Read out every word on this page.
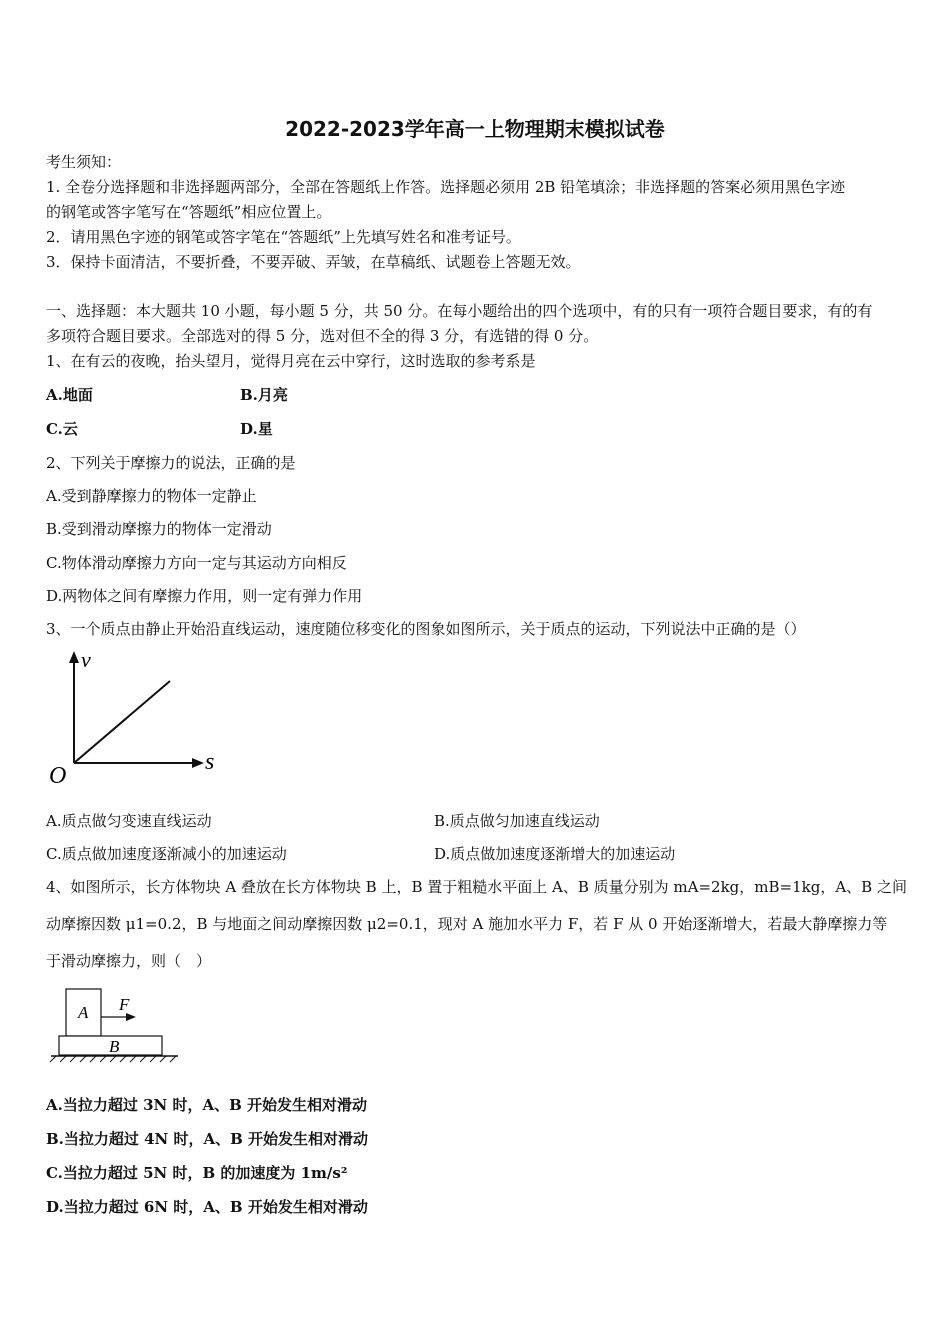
2022-2023学年高一上物理期末模拟试卷
考生须知：
1. 全卷分选择题和非选择题两部分，全部在答题纸上作答。选择题必须用 2B 铅笔填涂；非选择题的答案必须用黑色字迹
的钢笔或答字笔写在“答题纸”相应位置上。
2．请用黑色字迹的钢笔或答字笔在“答题纸”上先填写姓名和准考证号。
3．保持卡面清洁，不要折叠，不要弄破、弄皱，在草稿纸、试题卷上答题无效。
一、选择题：本大题共 10 小题，每小题 5 分，共 50 分。在每小题给出的四个选项中，有的只有一项符合题目要求，有的有
多项符合题目要求。全部选对的得 5 分，选对但不全的得 3 分，有选错的得 0 分。
1、在有云的夜晚，抬头望月，觉得月亮在云中穿行，这时选取的参考系是
A.地面	B.月亮
C.云	D.星
2、下列关于摩擦力的说法，正确的是
A.受到静摩擦力的物体一定静止
B.受到滑动摩擦力的物体一定滑动
C.物体滑动摩擦力方向一定与其运动方向相反
D.两物体之间有摩擦力作用，则一定有弹力作用
3、一个质点由静止开始沿直线运动，速度随位移变化的图象如图所示，关于质点的运动，下列说法中正确的是（）
v
s
O
A.质点做匀变速直线运动	B.质点做匀加速直线运动
C.质点做加速度逐渐减小的加速运动	D.质点做加速度逐渐增大的加速运动
4、如图所示，长方体物块 A 叠放在长方体物块 B 上，B 置于粗糙水平面上 A、B 质量分别为 mA=2kg，mB=1kg，A、B 之间
动摩擦因数 μ1=0.2，B 与地面之间动摩擦因数 μ2=0.1，现对 A 施加水平力 F，若 F 从 0 开始逐渐增大，若最大静摩擦力等
于滑动摩擦力，则（　）
A
B
F
A.当拉力超过 3N 时，A、B 开始发生相对滑动
B.当拉力超过 4N 时，A、B 开始发生相对滑动
C.当拉力超过 5N 时，B 的加速度为 1m/s²
D.当拉力超过 6N 时，A、B 开始发生相对滑动
